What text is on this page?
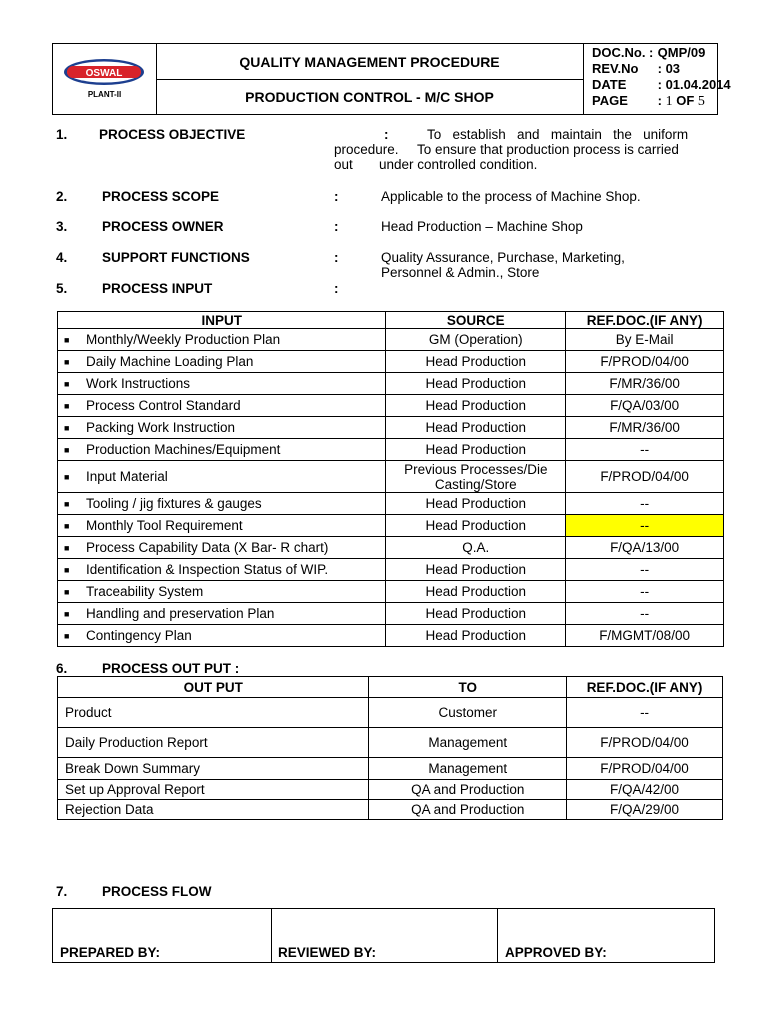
OSWAL
PLANT-II
QUALITY MANAGEMENT PROCEDURE
PRODUCTION CONTROL - M/C SHOP
DOC.No. : QMP/09
REV.No : 03
DATE : 01.04.2014
PAGE : 1 OF 5
1. PROCESS OBJECTIVE	:	To   establish   and   maintain   the   uniform
procedure.     To ensure that production process is carried
out       under controlled condition.
2.	PROCESS SCOPE	:	Applicable to the process of Machine Shop.
3.	PROCESS OWNER	:	Head Production – Machine Shop
4.	SUPPORT FUNCTIONS	:	Quality Assurance, Purchase, Marketing,
Personnel & Admin., Store
5.	PROCESS INPUT	:
INPUT	SOURCE	REF.DOC.(IF ANY)
■ Monthly/Weekly Production Plan	GM (Operation)	By E-Mail
■ Daily Machine Loading Plan	Head Production	F/PROD/04/00
■ Work Instructions	Head Production	F/MR/36/00
■ Process Control Standard	Head Production	F/QA/03/00
■ Packing Work Instruction	Head Production	F/MR/36/00
■ Production Machines/Equipment	Head Production	--
■ Input Material	Previous Processes/Die
Casting/Store	F/PROD/04/00
■ Tooling / jig fixtures & gauges	Head Production	--
■ Monthly Tool Requirement	Head Production	--
■ Process Capability Data (X Bar- R chart)	Q.A.	F/QA/13/00
■ Identification & Inspection Status of WIP.	Head Production	--
■ Traceability System	Head Production	--
■ Handling and preservation Plan	Head Production	--
■ Contingency Plan	Head Production	F/MGMT/08/00
6.	PROCESS OUT PUT :
OUT PUT	TO	REF.DOC.(IF ANY)
Product	Customer	--
Daily Production Report	Management	F/PROD/04/00
Break Down Summary	Management	F/PROD/04/00
Set up Approval Report	QA and Production	F/QA/42/00
Rejection Data	QA and Production	F/QA/29/00
7.	PROCESS FLOW
PREPARED BY:	REVIEWED BY:	APPROVED BY:
